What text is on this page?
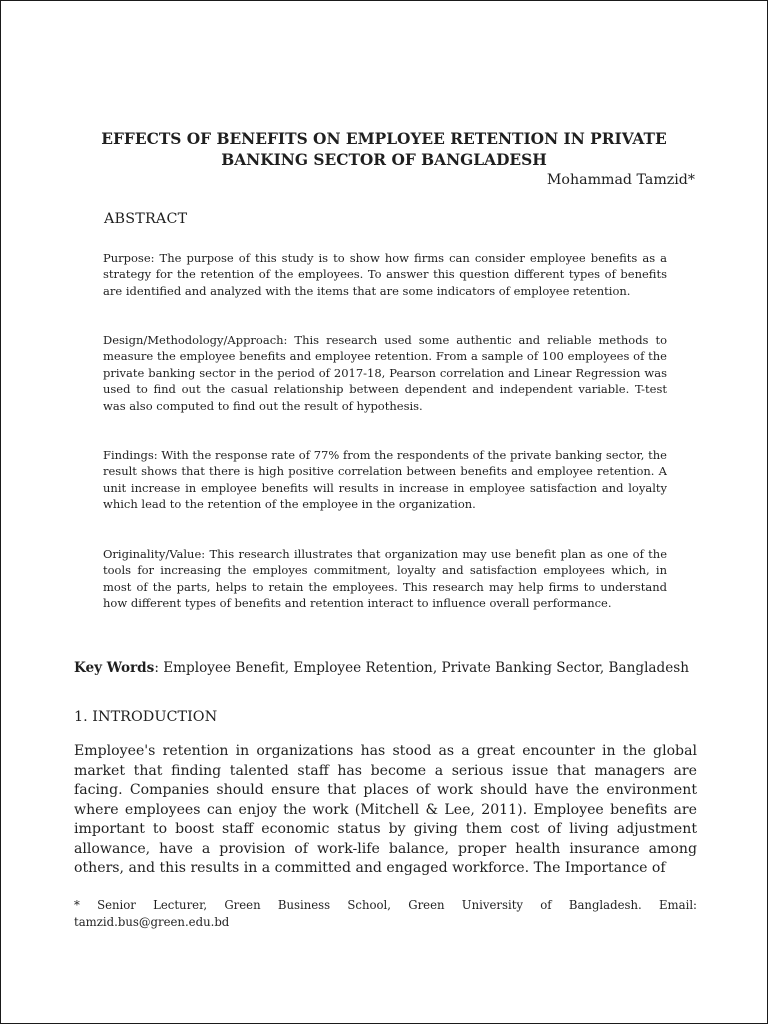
EFFECTS OF BENEFITS ON EMPLOYEE RETENTION IN PRIVATE BANKING SECTOR OF BANGLADESH

Mohammad Tamzid*

ABSTRACT

Purpose: The purpose of this study is to show how firms can consider employee benefits as a strategy for the retention of the employees. To answer this question different types of benefits are identified and analyzed with the items that are some indicators of employee retention.

Design/Methodology/Approach: This research used some authentic and reliable methods to measure the employee benefits and employee retention. From a sample of 100 employees of the private banking sector in the period of 2017-18, Pearson correlation and Linear Regression was used to find out the casual relationship between dependent and independent variable. T-test was also computed to find out the result of hypothesis.

Findings: With the response rate of 77% from the respondents of the private banking sector, the result shows that there is high positive correlation between benefits and employee retention. A unit increase in employee benefits will results in increase in employee satisfaction and loyalty which lead to the retention of the employee in the organization.

Originality/Value: This research illustrates that organization may use benefit plan as one of the tools for increasing the employes commitment, loyalty and satisfaction employees which, in most of the parts, helps to retain the employees. This research may help firms to understand how different types of benefits and retention interact to influence overall performance.

Key Words: Employee Benefit, Employee Retention, Private Banking Sector, Bangladesh

1. INTRODUCTION

Employee's retention in organizations has stood as a great encounter in the global market that finding talented staff has become a serious issue that managers are facing. Companies should ensure that places of work should have the environment where employees can enjoy the work (Mitchell & Lee, 2011). Employee benefits are important to boost staff economic status by giving them cost of living adjustment allowance, have a provision of work-life balance, proper health insurance among others, and this results in a committed and engaged workforce. The Importance of

* Senior Lecturer, Green Business School, Green University of Bangladesh. Email: tamzid.bus@green.edu.bd
